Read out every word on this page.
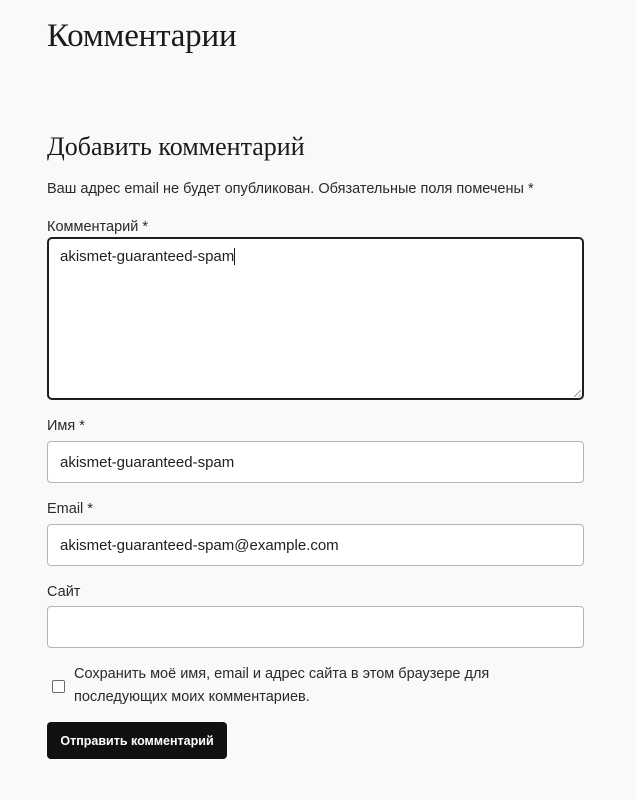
Комментарии
Добавить комментарий
Ваш адрес email не будет опубликован. Обязательные поля помечены *
Комментарий *
akismet-guaranteed-spam
Имя *
akismet-guaranteed-spam
Email *
akismet-guaranteed-spam@example.com
Сайт
Сохранить моё имя, email и адрес сайта в этом браузере для последующих моих комментариев.
Отправить комментарий
